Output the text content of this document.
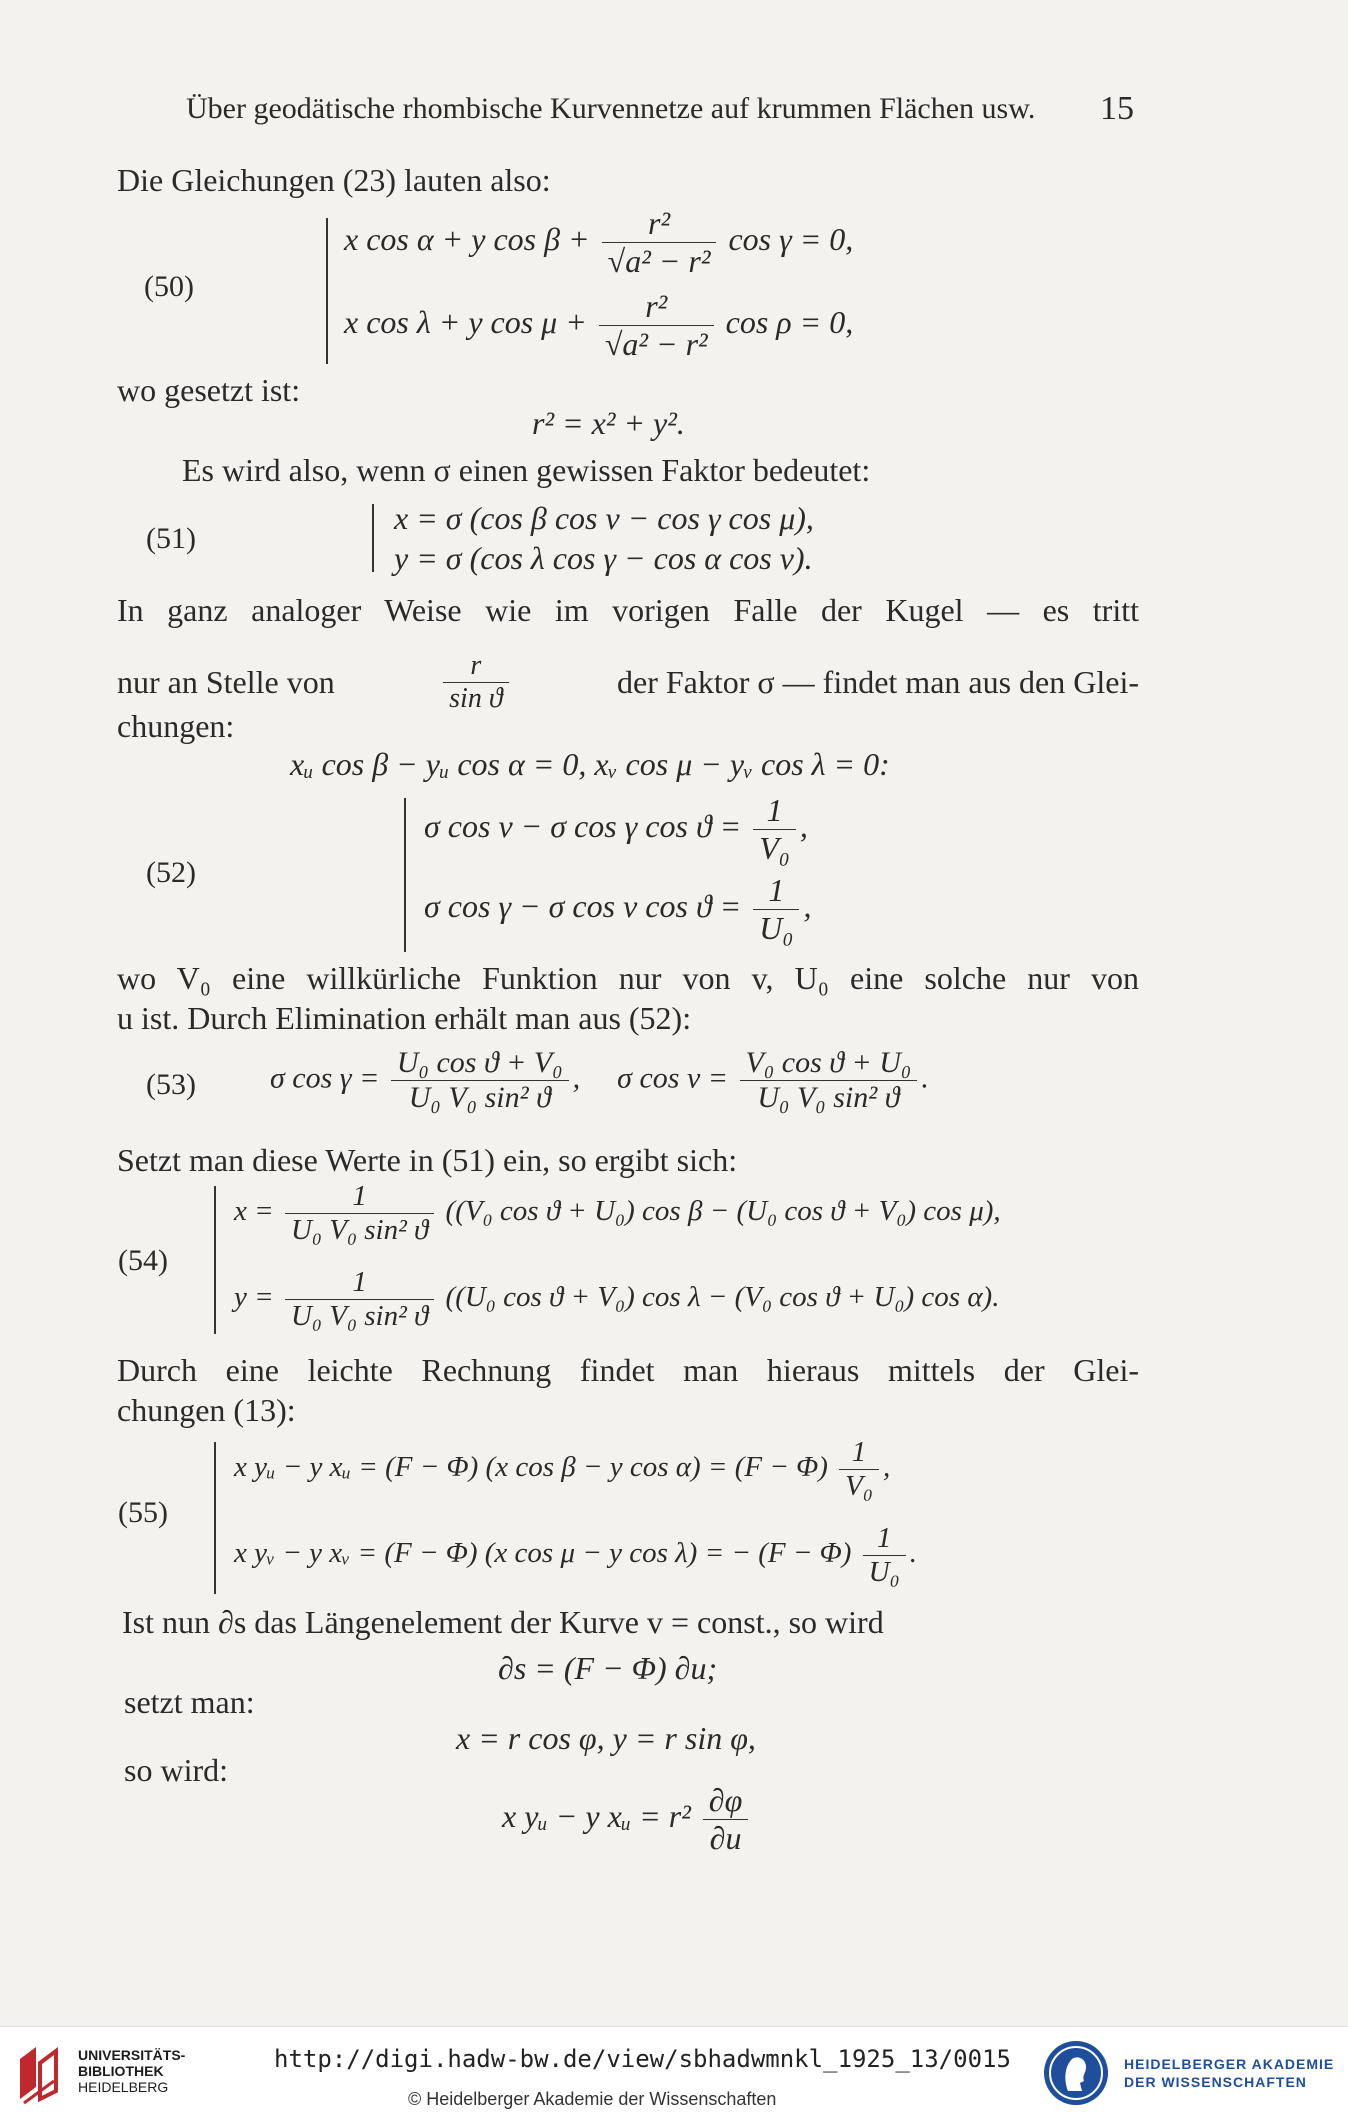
Über geodätische rhombische Kurvennetze auf krummen Flächen usw. 15
Die Gleichungen (23) lauten also:
(50)
x cos α + y $\cos \beta + \frac{\text{r²}}{\text{√a² − r²}}$ cos γ = 0,
x cos λ + y $\cos \mu + \frac{\text{r²}}{\text{√a² − r²}}$ cos ρ = 0,
wo gesetzt ist:
r² = x² + y².
Es wird also, wenn σ einen gewissen Faktor bedeutet:
(51)
x = σ (cos β cos ν − cos γ cos μ),
y = σ (cos λ cos γ − cos α cos ν).
In ganz analoger Weise wie im vorigen Falle der Kugel — es tritt
nur an Stelle von	$\frac{r}{\text{sin ϑ}}$	der Faktor σ — findet man aus den Glei-
chungen:
xᵤ cos β − yᵤ cos α = 0, xᵥ cos μ − yᵥ cos λ = 0:
(52)
σ cos ν − σ cos γ $\cos ϑ = \frac{1}{\text{V₀}}$ ,
σ cos γ − σ cos ν $\cos ϑ = \frac{1}{\text{U₀}}$ ,
wo V₀ eine willkürliche Funktion nur von v, U₀ eine solche nur von
u ist. Durch Elimination erhält man aus (52):
(53) σ $\cos \gamma = \frac{\text{U₀ cos ϑ + V₀}}{\text{U₀ V₀ sin² ϑ}}$ , σ $\cos \nu = \frac{\text{V₀ cos ϑ + U₀}}{\text{U₀ V₀ sin² ϑ}}$ .
Setzt man diese Werte in (51) ein, so ergibt sich:
(54)
$x = \frac{1}{\text{U₀ V₀ sin² ϑ}} ((V_0$ cos ϑ + U₀) cos β − (U₀ cos ϑ + V₀) cos μ),
$y = \frac{1}{\text{U₀ V₀ sin² ϑ}} ((U_0$ cos ϑ + V₀) cos λ − (V₀ cos ϑ + U₀) cos α).
Durch eine leichte Rechnung findet man hieraus mittels der Glei-
chungen (13):
(55)
x yᵤ − y xᵤ = (F − Φ) (x cos β − y $\cos \alpha) = (F - \Phi) \frac{1}{\text{V₀}}$ ,
x yᵥ − y xᵥ = (F − Φ) (x cos μ − y cos λ) = − $(F - \Phi) \frac{1}{\text{U₀}}$ .
Ist nun ∂s das Längenelement der Kurve v = const., so wird
∂s = (F − Φ) ∂u;
setzt man:
x = r cos φ, y = r sin φ,
so wird:
x yᵤ − y xᵤ = $r^2 \frac{\partial\varphi}{\partial u}$
UNIVERSITÄTS-
BIBLIOTHEK
HEIDELBERG
http://digi.hadw-bw.de/view/sbhadwmnkl_1925_13/0015
© Heidelberger Akademie der Wissenschaften
HEIDELBERGER AKADEMIE
DER WISSENSCHAFTEN
